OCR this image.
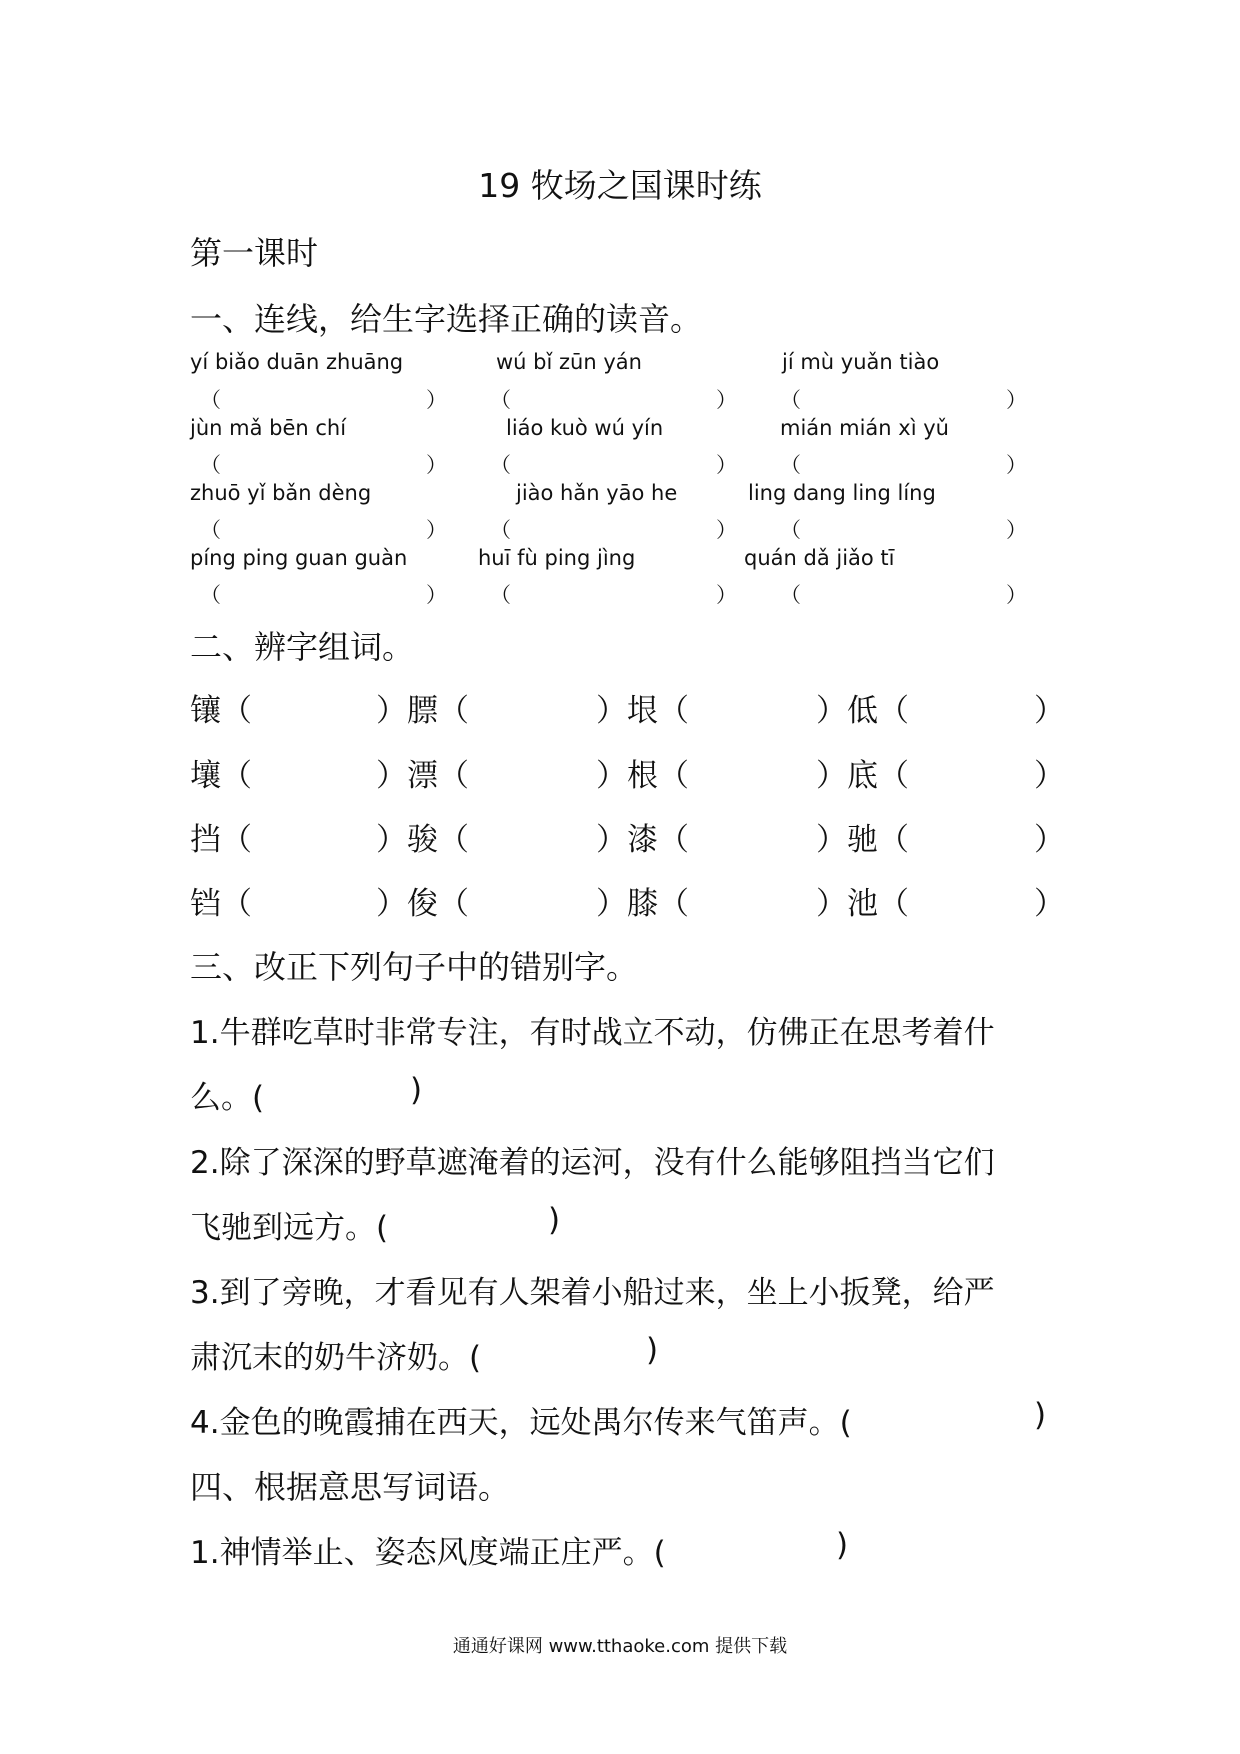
19 牧场之国课时练
第一课时
一、连线，给生字选择正确的读音。
yí biǎo duān zhuāng	wú bǐ zūn yán	jí mù yuǎn tiào
jùn mǎ bēn chí	liáo kuò wú yín	mián mián xì yǔ
zhuō yǐ bǎn dèng	jiào hǎn yāo he	ling dang ling líng
píng ping guan guàn	huī fù ping jìng	quán dǎ jiǎo tī
（	） （	） （	）
（	） （	） （	）
（	） （	） （	）
（	） （	） （	）
二、辨字组词。
镶（	）膘（	）垠（	）低（	）
壤（	）漂（	）根（	）底（	）
挡（	）骏（	）漆（	）驰（	）
铛（	）俊（	）膝（	）池（	）
三、改正下列句子中的错别字。
1.牛群吃草时非常专注，有时战立不动，仿佛正在思考着什
么。(	)
2.除了深深的野草遮淹着的运河，没有什么能够阻挡当它们
飞驰到远方。(	)
3.到了旁晚，才看见有人架着小船过来，坐上小扳凳，给严
肃沉末的奶牛济奶。(	)
4.金色的晚霞捕在西天，远处禺尔传来气笛声。(	)
四、根据意思写词语。
1.神情举止、姿态风度端正庄严。(	)
通通好课网 www.tthaoke.com 提供下载
